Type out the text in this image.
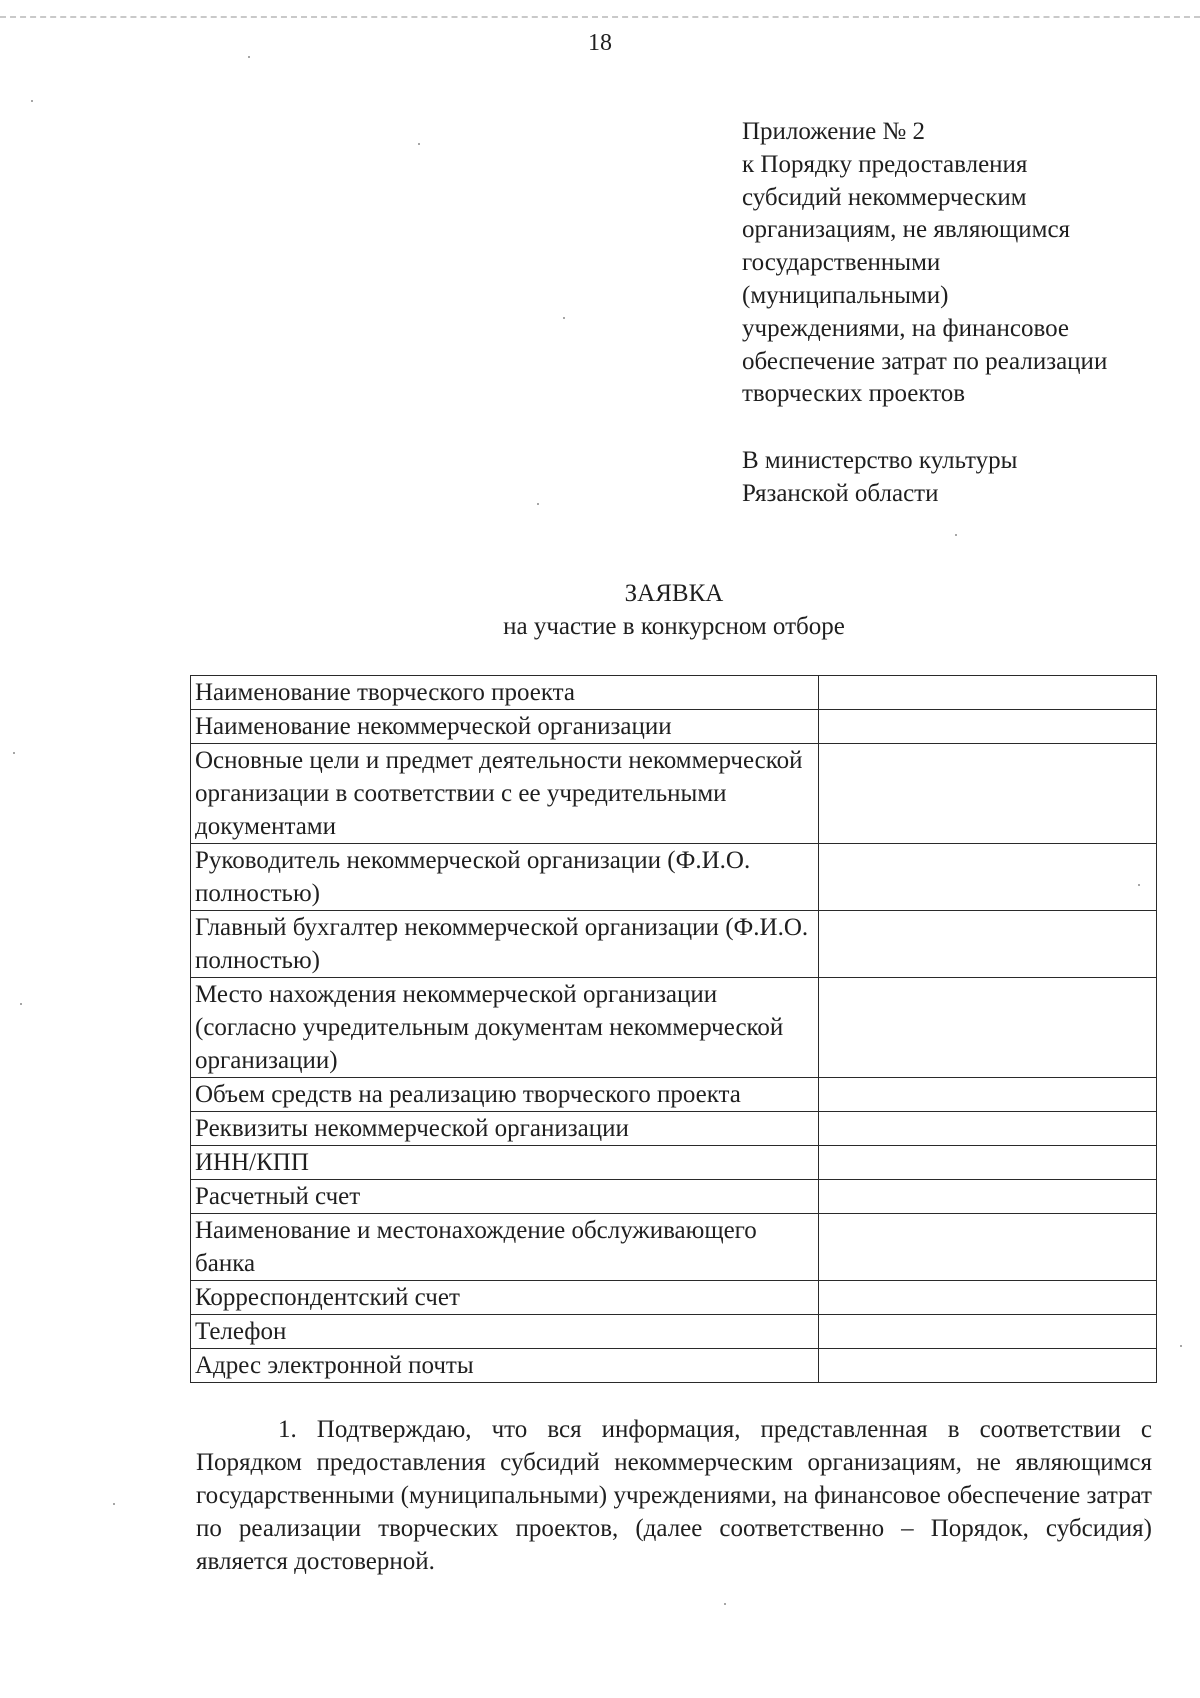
18
Приложение № 2
к Порядку предоставления
субсидий некоммерческим
организациям, не являющимся
государственными
(муниципальными)
учреждениями, на финансовое
обеспечение затрат по реализации
творческих проектов
В министерство культуры
Рязанской области
ЗАЯВКА
на участие в конкурсном отборе
Наименование творческого проекта	
Наименование некоммерческой организации	
Основные цели и предмет деятельности некоммерческой организации в соответствии с ее учредительными документами	
Руководитель некоммерческой организации (Ф.И.О. полностью)	
Главный бухгалтер некоммерческой организации (Ф.И.О. полностью)	
Место нахождения некоммерческой организации (согласно учредительным документам некоммерческой организации)	
Объем средств на реализацию творческого проекта	
Реквизиты некоммерческой организации	
ИНН/КПП	
Расчетный счет	
Наименование и местонахождение обслуживающего банка	
Корреспондентский счет	
Телефон	
Адрес электронной почты	
1. Подтверждаю, что вся информация, представленная в соответствии с Порядком предоставления субсидий некоммерческим организациям, не являющимся государственными (муниципальными) учреждениями, на финансовое обеспечение затрат по реализации творческих проектов, (далее соответственно – Порядок, субсидия) является достоверной.
